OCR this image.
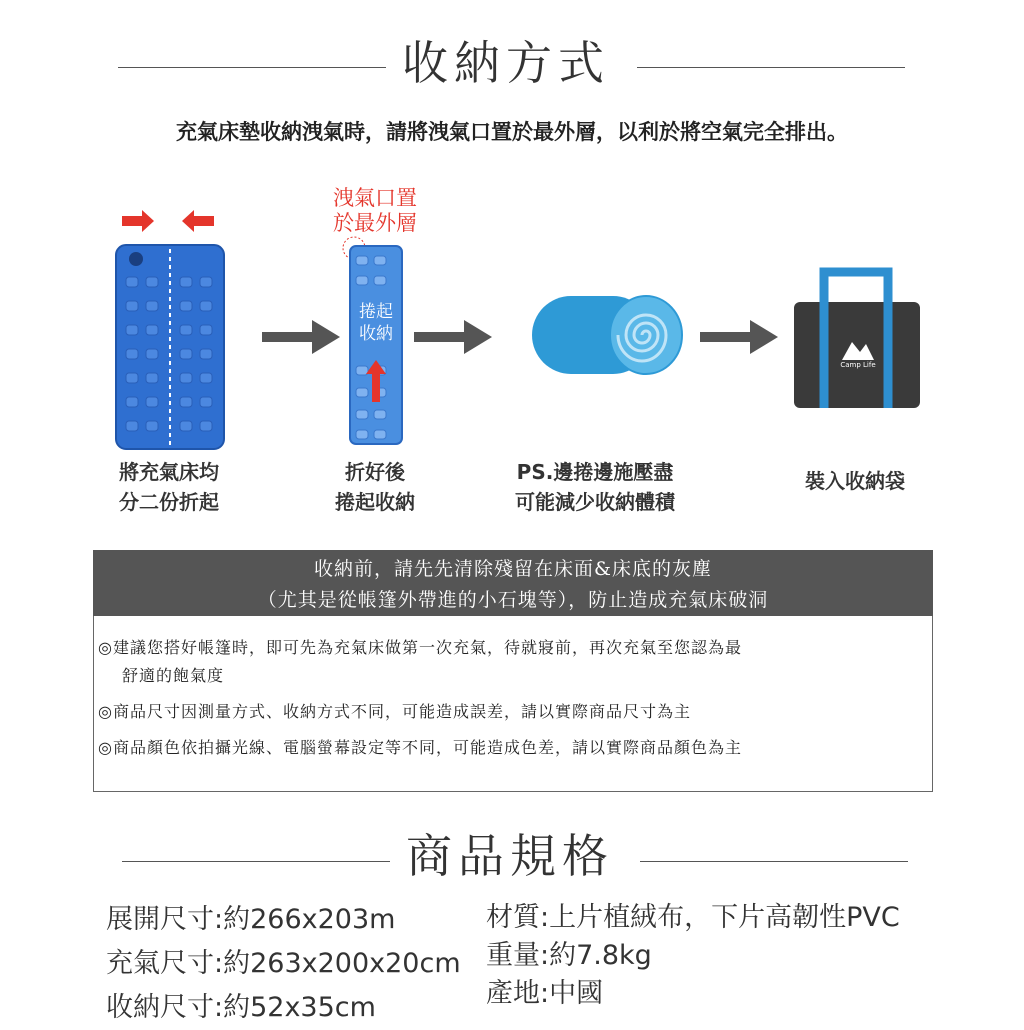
收納方式
充氣床墊收納洩氣時，請將洩氣口置於最外層，以利於將空氣完全排出。
洩氣口置
於最外層
捲起
收納
Camp Life
將充氣床均
分二份折起
折好後
捲起收納
PS.邊捲邊施壓盡
可能減少收納體積
裝入收納袋
收納前，請先先清除殘留在床面&床底的灰塵
（尤其是從帳篷外帶進的小石塊等），防止造成充氣床破洞

◎建議您搭好帳篷時，即可先為充氣床做第一次充氣，待就寢前，再次充氣至您認為最
舒適的飽氣度

◎商品尺寸因測量方式、收納方式不同，可能造成誤差，請以實際商品尺寸為主

◎商品顏色依拍攝光線、電腦螢幕設定等不同，可能造成色差，請以實際商品顏色為主

商品規格
展開尺寸:約266x203m
充氣尺寸:約263x200x20cm
收納尺寸:約52x35cm
材質:上片植絨布，下片高韌性PVC
重量:約7.8kg
產地:中國
